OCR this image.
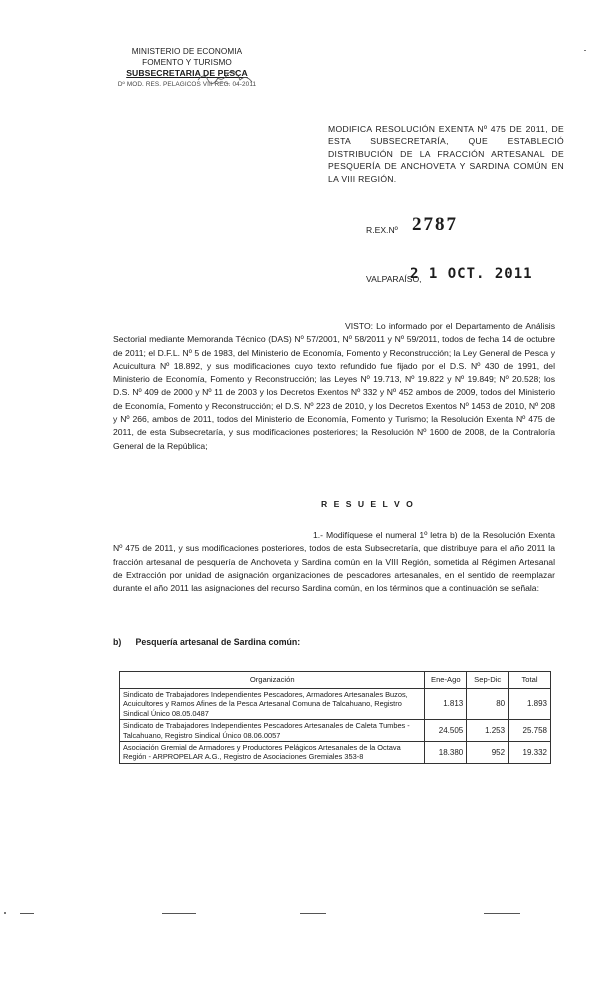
MINISTERIO DE ECONOMIA
FOMENTO Y TURISMO
SUBSECRETARIA DE PESCA
Dº MOD. RES. PELAGICOS VIII REG. 04-2011
MODIFICA RESOLUCIÓN EXENTA Nº 475 DE 2011, DE ESTA SUBSECRETARÍA, QUE ESTABLECIÓ DISTRIBUCIÓN DE LA FRACCIÓN ARTESANAL DE PESQUERÍA DE ANCHOVETA Y SARDINA COMÚN EN LA VIII REGIÓN.
R.EX.Nº 2787
VALPARAÍSO,
2 1 OCT. 2011

VISTO: Lo informado por el Departamento de Análisis Sectorial mediante Memoranda Técnico (DAS) Nº 57/2001, Nº 58/2011 y Nº 59/2011, todos de fecha 14 de octubre de 2011; el D.F.L. Nº 5 de 1983, del Ministerio de Economía, Fomento y Reconstrucción; la Ley General de Pesca y Acuicultura Nº 18.892, y sus modificaciones cuyo texto refundido fue fijado por el D.S. Nº 430 de 1991, del Ministerio de Economía, Fomento y Reconstrucción; las Leyes Nº 19.713, Nº 19.822 y Nº 19.849; Nº 20.528; los D.S. Nº 409 de 2000 y Nº 11 de 2003 y los Decretos Exentos Nº 332 y Nº 452 ambos de 2009, todos del Ministerio de Economía, Fomento y Reconstrucción; el D.S. Nº 223 de 2010, y los Decretos Exentos Nº 1453 de 2010, Nº 208 y Nº 266, ambos de 2011, todos del Ministerio de Economía, Fomento y Turismo; la Resolución Exenta Nº 475 de 2011, de esta Subsecretaría, y sus modificaciones posteriores; la Resolución Nº 1600 de 2008, de la Contraloría General de la República;

R E S U E L V O

1.- Modifíquese el numeral 1º letra b) de la Resolución Exenta Nº 475 de 2011, y sus modificaciones posteriores, todos de esta Subsecretaría, que distribuye para el año 2011 la fracción artesanal de pesquería de Anchoveta y Sardina común en la VIII Región, sometida al Régimen Artesanal de Extracción por unidad de asignación organizaciones de pescadores artesanales, en el sentido de reemplazar durante el año 2011 las asignaciones del recurso Sardina común, en los términos que a continuación se señala:

b) Pesquería artesanal de Sardina común:
Organización	Ene-Ago	Sep-Dic	Total
Sindicato de Trabajadores Independientes Pescadores, Armadores Artesanales Buzos, Acuicultores y Ramos Afines de la Pesca Artesanal Comuna de Talcahuano, Registro Sindical Único 08.05.0487	1.813	80	1.893
Sindicato de Trabajadores Independientes Pescadores Artesanales de Caleta Tumbes - Talcahuano, Registro Sindical Único 08.06.0057	24.505	1.253	25.758
Asociación Gremial de Armadores y Productores Pelágicos Artesanales de la Octava Región - ARPROPELAR A.G., Registro de Asociaciones Gremiales 353-8	18.380	952	19.332
